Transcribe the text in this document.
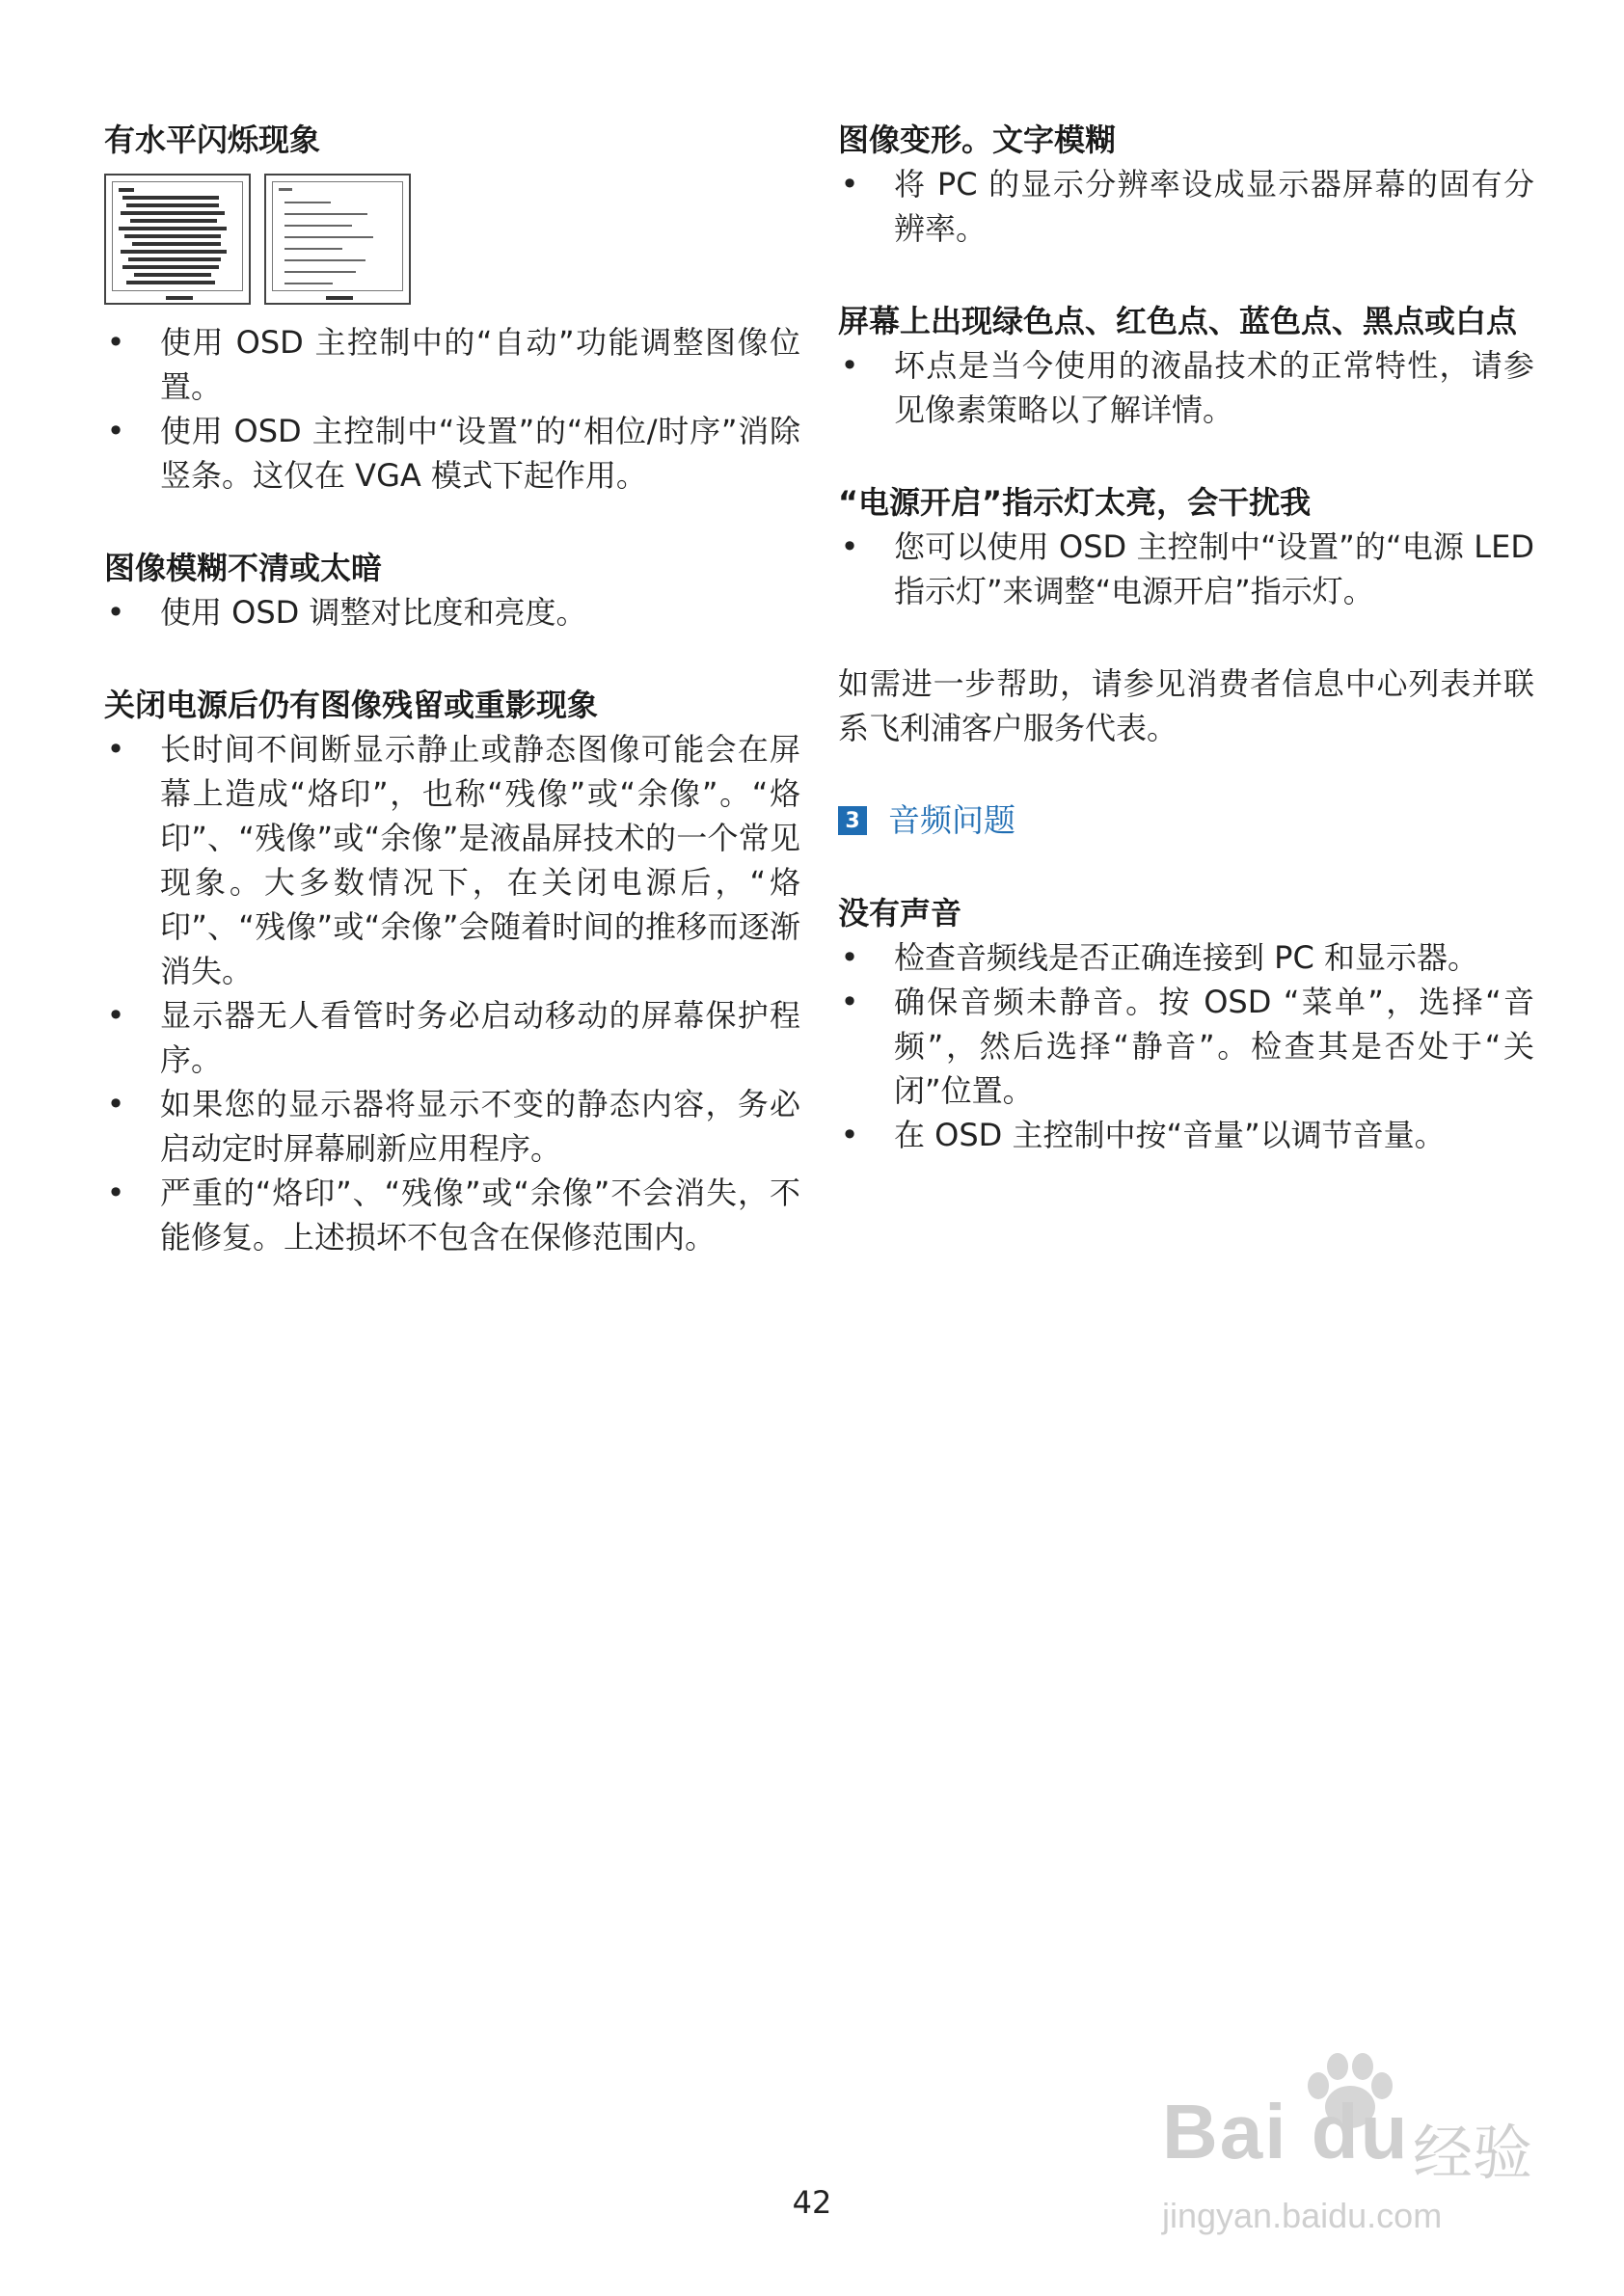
有水平闪烁现象

• 使用 OSD 主控制中的“自动”功能调整图像位置。
• 使用 OSD 主控制中“设置”的“相位/时序”消除竖条。这仅在 VGA 模式下起作用。

图像模糊不清或太暗

• 使用 OSD 调整对比度和亮度。

关闭电源后仍有图像残留或重影现象

• 长时间不间断显示静止或静态图像可能会在屏幕上造成“烙印”，也称“残像”或“余像”。“烙印”、“残像”或“余像”是液晶屏技术的一个常见现象。大多数情况下，在关闭电源后，“烙印”、“残像”或“余像”会随着时间的推移而逐渐消失。
• 显示器无人看管时务必启动移动的屏幕保护程序。
• 如果您的显示器将显示不变的静态内容，务必启动定时屏幕刷新应用程序。
• 严重的“烙印”、“残像”或“余像”不会消失，不能修复。上述损坏不包含在保修范围内。

图像变形。文字模糊

• 将 PC 的显示分辨率设成显示器屏幕的固有分辨率。

屏幕上出现绿色点、红色点、蓝色点、黑点或白点

• 坏点是当今使用的液晶技术的正常特性，请参见像素策略以了解详情。

“电源开启”指示灯太亮，会干扰我

• 您可以使用 OSD 主控制中“设置”的“电源 LED 指示灯”来调整“电源开启”指示灯。

如需进一步帮助，请参见消费者信息中心列表并联系飞利浦客户服务代表。

3 音频问题

没有声音

• 检查音频线是否正确连接到 PC 和显示器。
• 确保音频未静音。按 OSD “菜单”，选择“音频”，然后选择“静音”。检查其是否处于“关闭”位置。
• 在 OSD 主控制中按“音量”以调节音量。
42
Bai du 经验
jingyan.baidu.com
